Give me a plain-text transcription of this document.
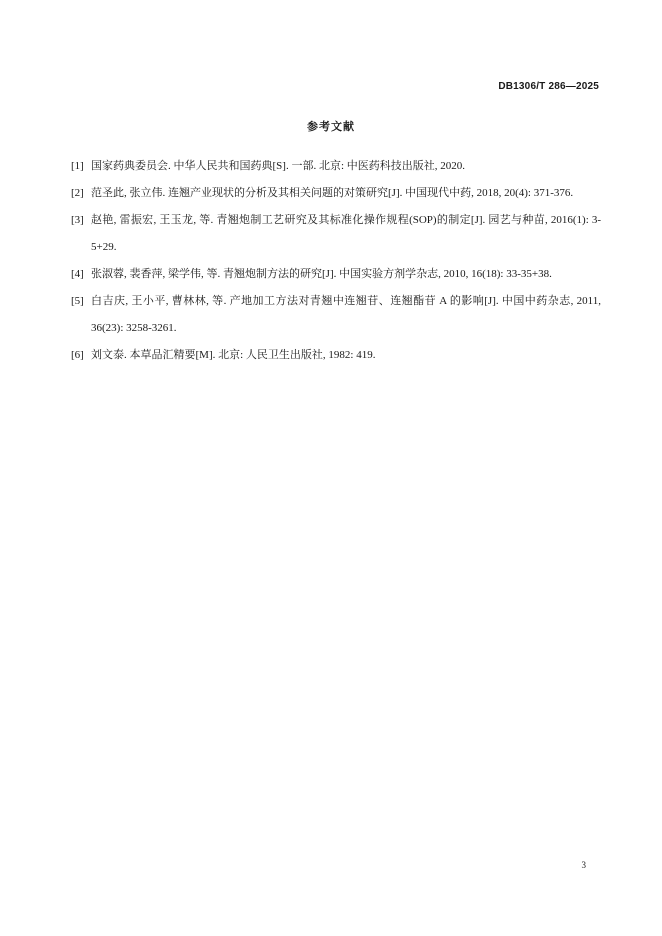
DB1306/T 286—2025
参考文献
[1] 国家药典委员会. 中华人民共和国药典[S]. 一部. 北京: 中医药科技出版社, 2020.
[2] 范圣此, 张立伟. 连翘产业现状的分析及其相关问题的对策研究[J]. 中国现代中药, 2018, 20(4): 371-376.
[3] 赵艳, 雷振宏, 王玉龙, 等. 青翘炮制工艺研究及其标准化操作规程(SOP)的制定[J]. 园艺与种苗, 2016(1): 3-5+29.
[4] 张淑蓉, 裴香萍, 梁学伟, 等. 青翘炮制方法的研究[J]. 中国实验方剂学杂志, 2010, 16(18): 33-35+38.
[5] 白吉庆, 王小平, 曹林林, 等. 产地加工方法对青翘中连翘苷、连翘酯苷 A 的影响[J]. 中国中药杂志, 2011, 36(23): 3258-3261.
[6] 刘文泰. 本草品汇精要[M]. 北京: 人民卫生出版社, 1982: 419.
3
